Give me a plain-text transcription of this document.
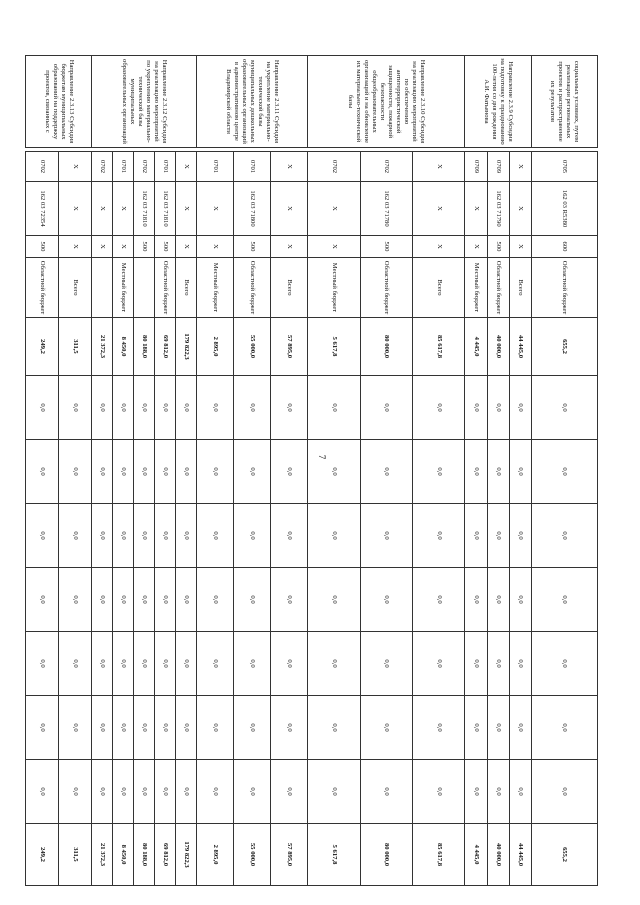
7
социальных условиях, путем реализации региональных проектов и распространение их результатов		0705	162 03 R5380	600	Областной бюджет	655,2	0,0	0,0	0,0	0,0	0,0	0,0	0,0	655,2
Направление 2.3.9 Субсидия на подготовку к празднованию 100-летия со дня рождения А.И. Фатьянова		Х	Х	Х	Всего	44 445,0	0,0	0,0	0,0	0,0	0,0	0,0	0,0	44 445,0
		0709	162 03 71790	500	Областной бюджет	40 000,0	0,0	0,0	0,0	0,0	0,0	0,0	0,0	40 000,0
		0709	Х	Х	Местный бюджет	4 445,0	0,0	0,0	0,0	0,0	0,0	0,0	0,0	4 445,0
Направление 2.3.10 Субсидия на реализацию мероприятий по обеспечению антитеррористической защищенности, пожарной безопасности общеобразовательных организаций и на обновление их материально-технической базы		Х	Х	Х	Всего	85 617,8	0,0	0,0	0,0	0,0	0,0	0,0	0,0	85 617,8
		0702	162 03 71780	500	Областной бюджет	80 000,0	0,0	0,0	0,0	0,0	0,0	0,0	0,0	80 000,0
		0702	Х	Х	Местный бюджет	5 617,8	0,0	0,0	0,0	0,0	0,0	0,0	0,0	5 617,8
Направление 2.3.11 Субсидия на укрепление материально-технической базы муниципальных дошкольных образовательных организаций в административном центре Владимирской области		Х	Х	Х	Всего	57 895,0	0,0	0,0	0,0	0,0	0,0	0,0	0,0	57 895,0
		0701	162 03 71800	500	Областной бюджет	55 000,0	0,0	0,0	0,0	0,0	0,0	0,0	0,0	55 000,0
		0701	Х	Х	Местный бюджет	2 895,0	0,0	0,0	0,0	0,0	0,0	0,0	0,0	2 895,0
Направление 2.3.12 Субсидия на реализацию мероприятий по укреплению материально-технической базы муниципальных образовательных организаций		Х	Х	Х	Всего	179 822,3	0,0	0,0	0,0	0,0	0,0	0,0	0,0	179 822,3
		0701	162 03 71810	500	Областной бюджет	69 812,0	0,0	0,0	0,0	0,0	0,0	0,0	0,0	69 812,0
		0702	162 03 71810	500		80 188,0	0,0	0,0	0,0	0,0	0,0	0,0	0,0	80 188,0
		0701	Х	Х	Местный бюджет	8 450,0	0,0	0,0	0,0	0,0	0,0	0,0	0,0	8 450,0
		0702	Х	Х		21 372,3	0,0	0,0	0,0	0,0	0,0	0,0	0,0	21 372,3
Направление 2.3.13 Субсидия бюджетам муниципальных образований на поддержку проектов, связанных с		Х	Х	Х	Всего	311,5	0,0	0,0	0,0	0,0	0,0	0,0	0,0	311,5
		0702	162 03 72354	500	Областной бюджет	249,2	0,0	0,0	0,0	0,0	0,0	0,0	0,0	249,2
